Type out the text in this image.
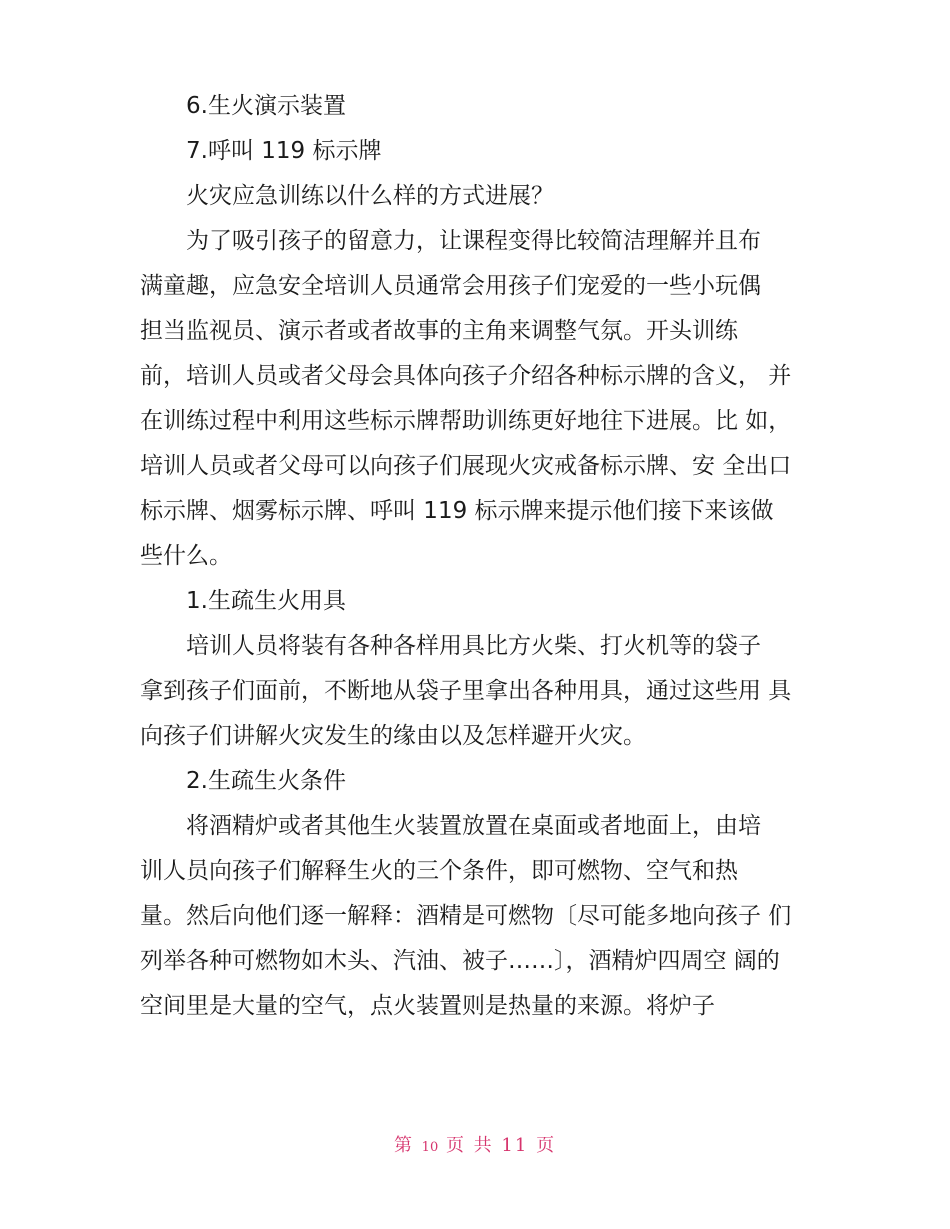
6.生火演示装置

7.呼叫 119 标示牌

火灾应急训练以什么样的方式进展？

为了吸引孩子的留意力，让课程变得比较简洁理解并且布
满童趣，应急安全培训人员通常会用孩子们宠爱的一些小玩偶
担当监视员、演示者或者故事的主角来调整气氛。开头训练
前，培训人员或者父母会具体向孩子介绍各种标示牌的含义， 并
在训练过程中利用这些标示牌帮助训练更好地往下进展。比 如，
培训人员或者父母可以向孩子们展现火灾戒备标示牌、安 全出口
标示牌、烟雾标示牌、呼叫 119 标示牌来提示他们接下来该做
些什么。

1.生疏生火用具

培训人员将装有各种各样用具比方火柴、打火机等的袋子
拿到孩子们面前，不断地从袋子里拿出各种用具，通过这些用 具
向孩子们讲解火灾发生的缘由以及怎样避开火灾。

2.生疏生火条件

将酒精炉或者其他生火装置放置在桌面或者地面上，由培
训人员向孩子们解释生火的三个条件，即可燃物、空气和热
量。然后向他们逐一解释：酒精是可燃物〔尽可能多地向孩子 们
列举各种可燃物如木头、汽油、被子……〕，酒精炉四周空 阔的
空间里是大量的空气，点火装置则是热量的来源。将炉子

第 10 页 共 11 页
